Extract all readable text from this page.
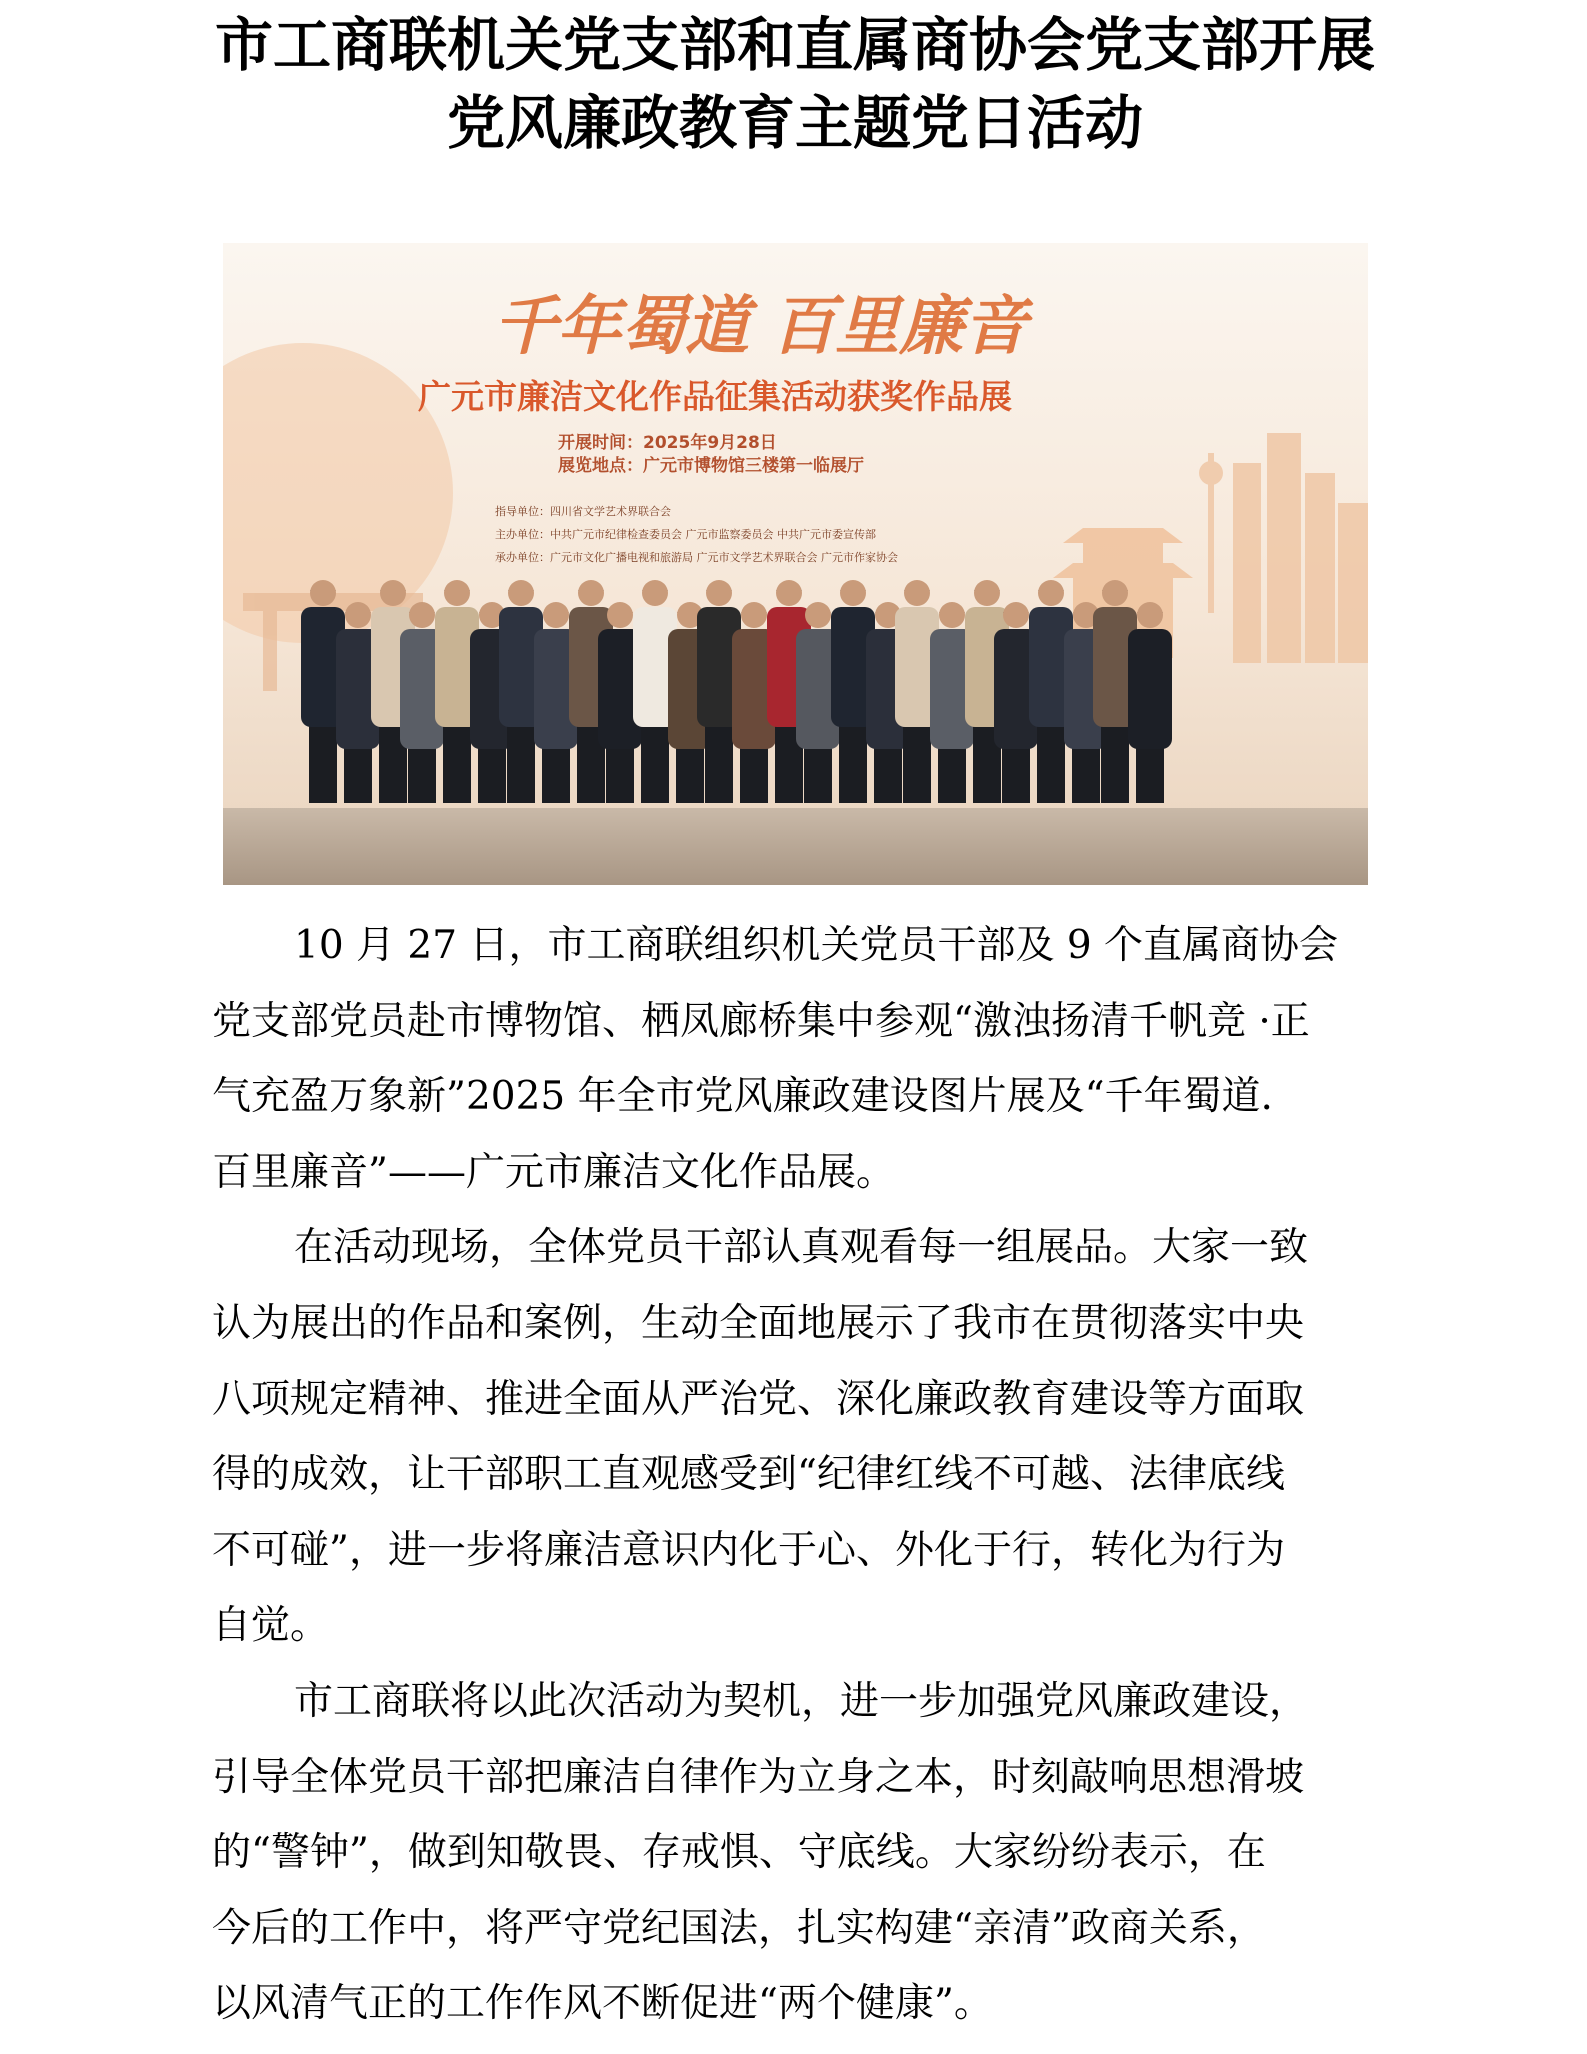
市工商联机关党支部和直属商协会党支部开展
党风廉政教育主题党日活动
千年蜀道 百里廉音
广元市廉洁文化作品征集活动获奖作品展
开展时间：2025年9月28日
展览地点：广元市博物馆三楼第一临展厅
指导单位：四川省文学艺术界联合会
主办单位：中共广元市纪律检查委员会 广元市监察委员会 中共广元市委宣传部
承办单位：广元市文化广播电视和旅游局 广元市文学艺术界联合会 广元市作家协会
10 月 27 日，市工商联组织机关党员干部及 9 个直属商协会
党支部党员赴市博物馆、栖凤廊桥集中参观“激浊扬清千帆竞 ·正
气充盈万象新”2025 年全市党风廉政建设图片展及“千年蜀道.
百里廉音”——广元市廉洁文化作品展。
在活动现场，全体党员干部认真观看每一组展品。大家一致
认为展出的作品和案例，生动全面地展示了我市在贯彻落实中央
八项规定精神、推进全面从严治党、深化廉政教育建设等方面取
得的成效，让干部职工直观感受到“纪律红线不可越、法律底线
不可碰”，进一步将廉洁意识内化于心、外化于行，转化为行为
自觉。
市工商联将以此次活动为契机，进一步加强党风廉政建设，
引导全体党员干部把廉洁自律作为立身之本，时刻敲响思想滑坡
的“警钟”，做到知敬畏、存戒惧、守底线。大家纷纷表示，在
今后的工作中，将严守党纪国法，扎实构建“亲清”政商关系，
以风清气正的工作作风不断促进“两个健康”。
